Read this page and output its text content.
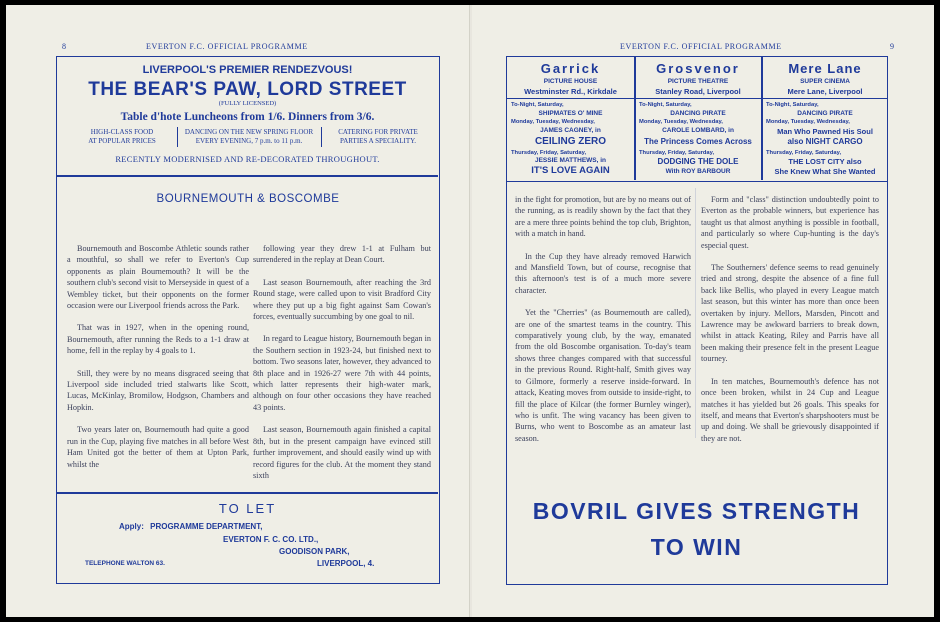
8	EVERTON F.C. OFFICIAL PROGRAMME
LIVERPOOL'S PREMIER RENDEZVOUS!
THE BEAR'S PAW, LORD STREET
(FULLY LICENSED)
Table d'hote Luncheons from 1/6. Dinners from 3/6.
HIGH-CLASS FOOD
AT POPULAR PRICES
DANCING ON THE NEW SPRING FLOOR
EVERY EVENING, 7 p.m. to 11 p.m.
CATERING FOR PRIVATE
PARTIES A SPECIALITY.
RECENTLY MODERNISED AND RE-DECORATED THROUGHOUT.
BOURNEMOUTH & BOSCOMBE

Bournemouth and Boscombe Athletic sounds rather a mouthful, so shall we refer to Everton's Cup opponents as plain Bournemouth? It will be the southern club's second visit to Merseyside in quest of a Wembley ticket, but their opponents on the former occasion were our Liverpool friends across the Park.

That was in 1927, when in the opening round, Bournemouth, after running the Reds to a 1-1 draw at home, fell in the replay by 4 goals to 1.

Still, they were by no means disgraced seeing that Liverpool side included tried stalwarts like Scott, Lucas, McKinlay, Bromilow, Hodgson, Chambers and Hopkin.

Two years later on, Bournemouth had quite a good run in the Cup, playing five matches in all before West Ham United got the better of them at Upton Park, whilst the

following year they drew 1-1 at Fulham but surrendered in the replay at Dean Court.

Last season Bournemouth, after reaching the 3rd Round stage, were called upon to visit Bradford City where they put up a big fight against Sam Cowan's forces, eventually succumbing by one goal to nil.

In regard to League history, Bournemouth began in the Southern section in 1923-24, but finished next to bottom. Two seasons later, however, they advanced to 8th place and in 1926-27 were 7th with 44 points, which latter represents their high-water mark, although on four other occasions they have reached 43 points.

Last season, Bournemouth again finished a capital 8th, but in the present campaign have evinced still further improvement, and should easily wind up with record figures for the club. At the moment they stand sixth

TO LET
Apply: PROGRAMME DEPARTMENT,
EVERTON F. C. CO. LTD.,
GOODISON PARK,
TELEPHONE WALTON 63.	LIVERPOOL, 4.
EVERTON F.C. OFFICIAL PROGRAMME	9
Garrick
PICTURE HOUSE
Westminster Rd., Kirkdale
To-Night, Saturday,
SHIPMATES O' MINE
Monday, Tuesday, Wednesday,
JAMES CAGNEY, in
CEILING ZERO
Thursday, Friday, Saturday,
JESSIE MATTHEWS, in
IT'S LOVE AGAIN
Grosvenor
PICTURE THEATRE
Stanley Road, Liverpool
To-Night, Saturday,
DANCING PIRATE
Monday, Tuesday, Wednesday,
CAROLE LOMBARD, in
The Princess Comes Across
Thursday, Friday, Saturday,
DODGING THE DOLE
With ROY BARBOUR
Mere Lane
SUPER CINEMA
Mere Lane, Liverpool
To-Night, Saturday,
DANCING PIRATE
Monday, Tuesday, Wednesday,
Man Who Pawned His Soul
also NIGHT CARGO
Thursday, Friday, Saturday,
THE LOST CITY also
She Knew What She Wanted

in the fight for promotion, but are by no means out of the running, as is readily shown by the fact that they are a mere three points behind the top club, Brighton, with a match in hand.

In the Cup they have already removed Harwich and Mansfield Town, but of course, recognise that this afternoon's test is of a much more severe character.

Yet the "Cherries" (as Bournemouth are called), are one of the smartest teams in the country. This comparatively young club, by the way, emanated from the old Boscombe organisation. To-day's team shows three changes compared with that successful in the previous Round. Right-half, Smith gives way to Gilmore, formerly a reserve inside-forward. In attack, Keating moves from outside to inside-right, to fill the place of Kilcar (the former Burnley winger), who is unfit. The wing vacancy has been given to Burns, who went to Boscombe as an amateur last season.

Form and "class" distinction undoubtedly point to Everton as the probable winners, but experience has taught us that almost anything is possible in football, and particularly so where Cup-hunting is the day's especial quest.

The Southerners' defence seems to read genuinely tried and strong, despite the absence of a fine full back like Bellis, who played in every League match last season, but this winter has more than once been overtaken by injury. Mellors, Marsden, Pincott and Lawrence may be awkward barriers to break down, whilst in attack Keating, Riley and Parris have all been making their presence felt in the present League tourney.

In ten matches, Bournemouth's defence has not once been broken, whilst in 24 Cup and League matches it has yielded but 26 goals. This speaks for itself, and means that Everton's sharpshooters must be up and doing. We shall be grievously disappointed if they are not.

BOVRIL GIVES STRENGTH
TO WIN
